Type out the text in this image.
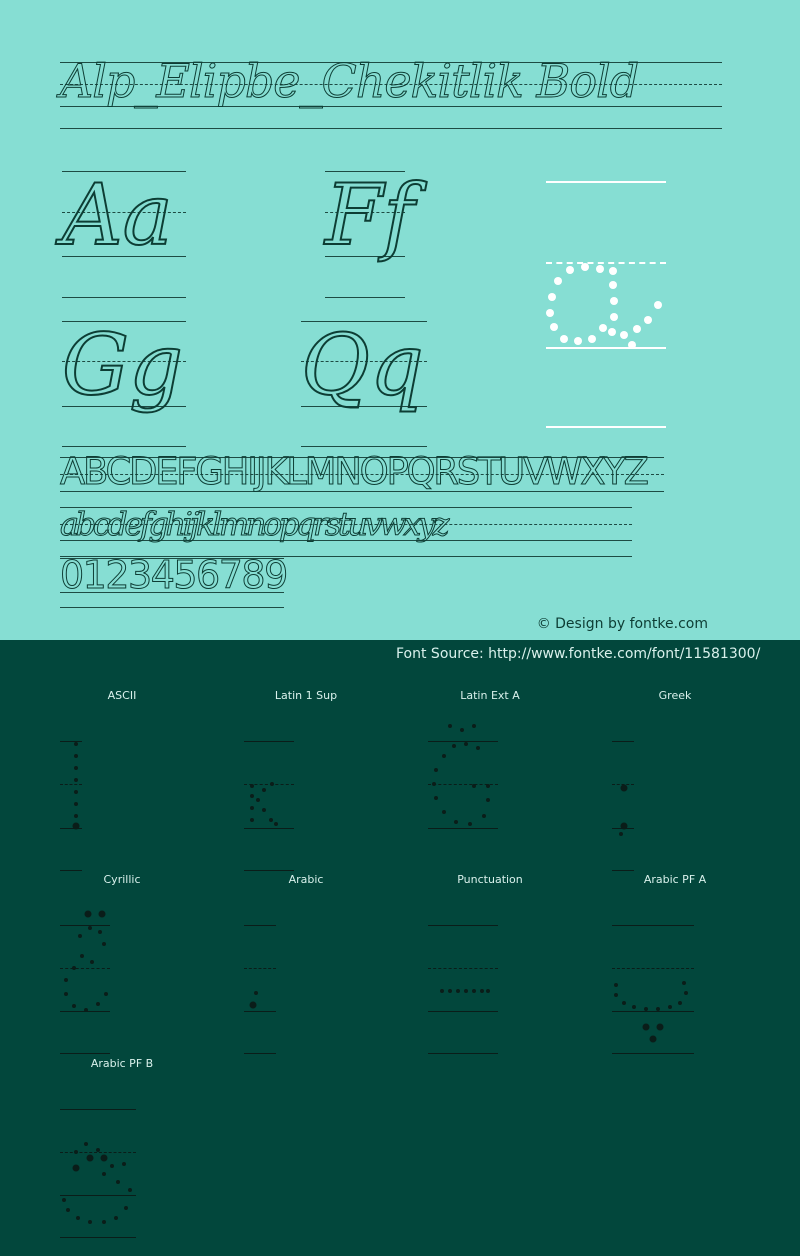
Alp_Elipbe_Chekitlik Bold
Aa Ff
Gg Qq
ABCDEFGHIJKLMNOPQRSTUVWXYZ
abcdefghijklmnopqrstuvwxyz
0123456789
© Design by fontke.com
Font Source: http://www.fontke.com/font/11581300/
ASCII	Latin 1 Sup	Latin Ext A	Greek
Cyrillic	Arabic	Punctuation	Arabic PF A
Arabic PF B
